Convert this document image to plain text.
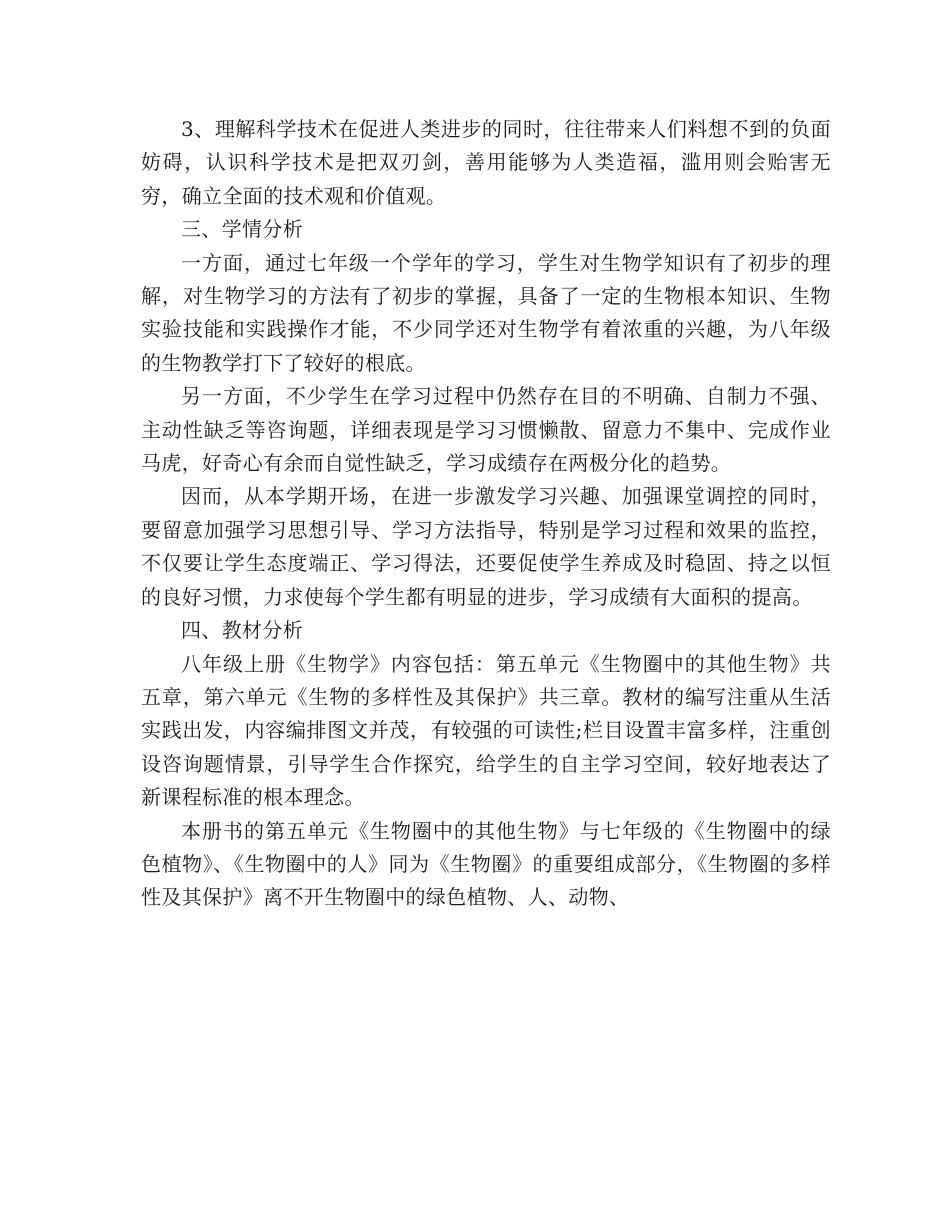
3、理解科学技术在促进人类进步的同时，往往带来人们料想不到的负面妨碍，认识科学技术是把双刃剑，善用能够为人类造福，滥用则会贻害无穷，确立全面的技术观和价值观。

三、学情分析

一方面，通过七年级一个学年的学习，学生对生物学知识有了初步的理解，对生物学习的方法有了初步的掌握，具备了一定的生物根本知识、生物实验技能和实践操作才能，不少同学还对生物学有着浓重的兴趣，为八年级的生物教学打下了较好的根底。

另一方面，不少学生在学习过程中仍然存在目的不明确、自制力不强、主动性缺乏等咨询题，详细表现是学习习惯懒散、留意力不集中、完成作业马虎，好奇心有余而自觉性缺乏，学习成绩存在两极分化的趋势。

因而，从本学期开场，在进一步激发学习兴趣、加强课堂调控的同时，要留意加强学习思想引导、学习方法指导，特别是学习过程和效果的监控，不仅要让学生态度端正、学习得法，还要促使学生养成及时稳固、持之以恒的良好习惯，力求使每个学生都有明显的进步，学习成绩有大面积的提高。

四、教材分析

八年级上册《生物学》内容包括：第五单元《生物圈中的其他生物》共五章，第六单元《生物的多样性及其保护》共三章。教材的编写注重从生活实践出发，内容编排图文并茂，有较强的可读性;栏目设置丰富多样，注重创设咨询题情景，引导学生合作探究，给学生的自主学习空间，较好地表达了新课程标准的根本理念。

本册书的第五单元《生物圈中的其他生物》与七年级的《生物圈中的绿色植物》、《生物圈中的人》同为《生物圈》的重要组成部分，《生物圈的多样性及其保护》离不开生物圈中的绿色植物、人、动物、
